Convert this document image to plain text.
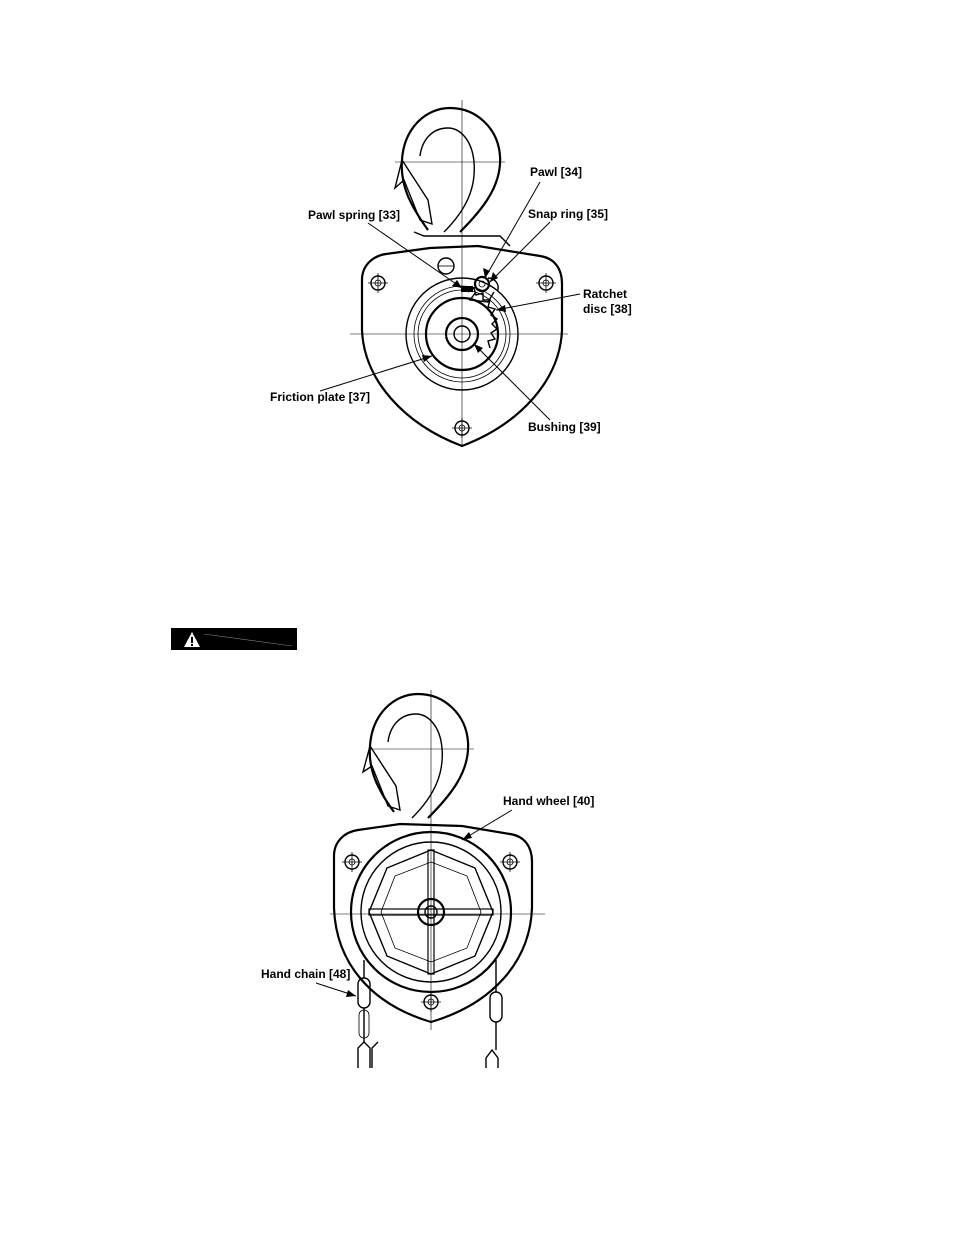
Pawl [34]
Pawl spring [33]	Snap ring [35]
Ratchet
disc [38]
Friction plate [37]
Bushing [39]
Hand wheel [40]
Hand chain [48]
